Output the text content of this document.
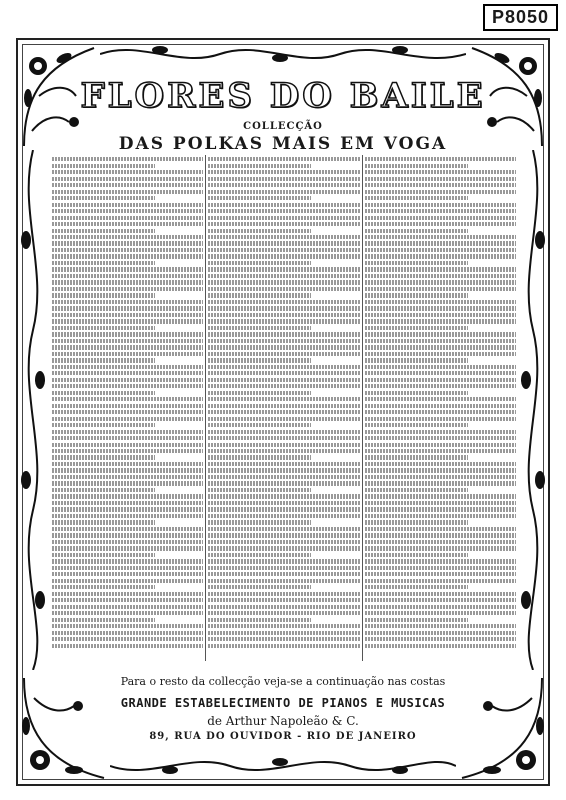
P8050
FLORES DO BAILE
COLLECÇÃO
DAS POLKAS MAIS EM VOGA
Para o resto da collecção veja-se a continuação nas costas
GRANDE ESTABELECIMENTO DE PIANOS E MUSICAS
de Arthur Napoleão & C.
89, RUA DO OUVIDOR - RIO DE JANEIRO
